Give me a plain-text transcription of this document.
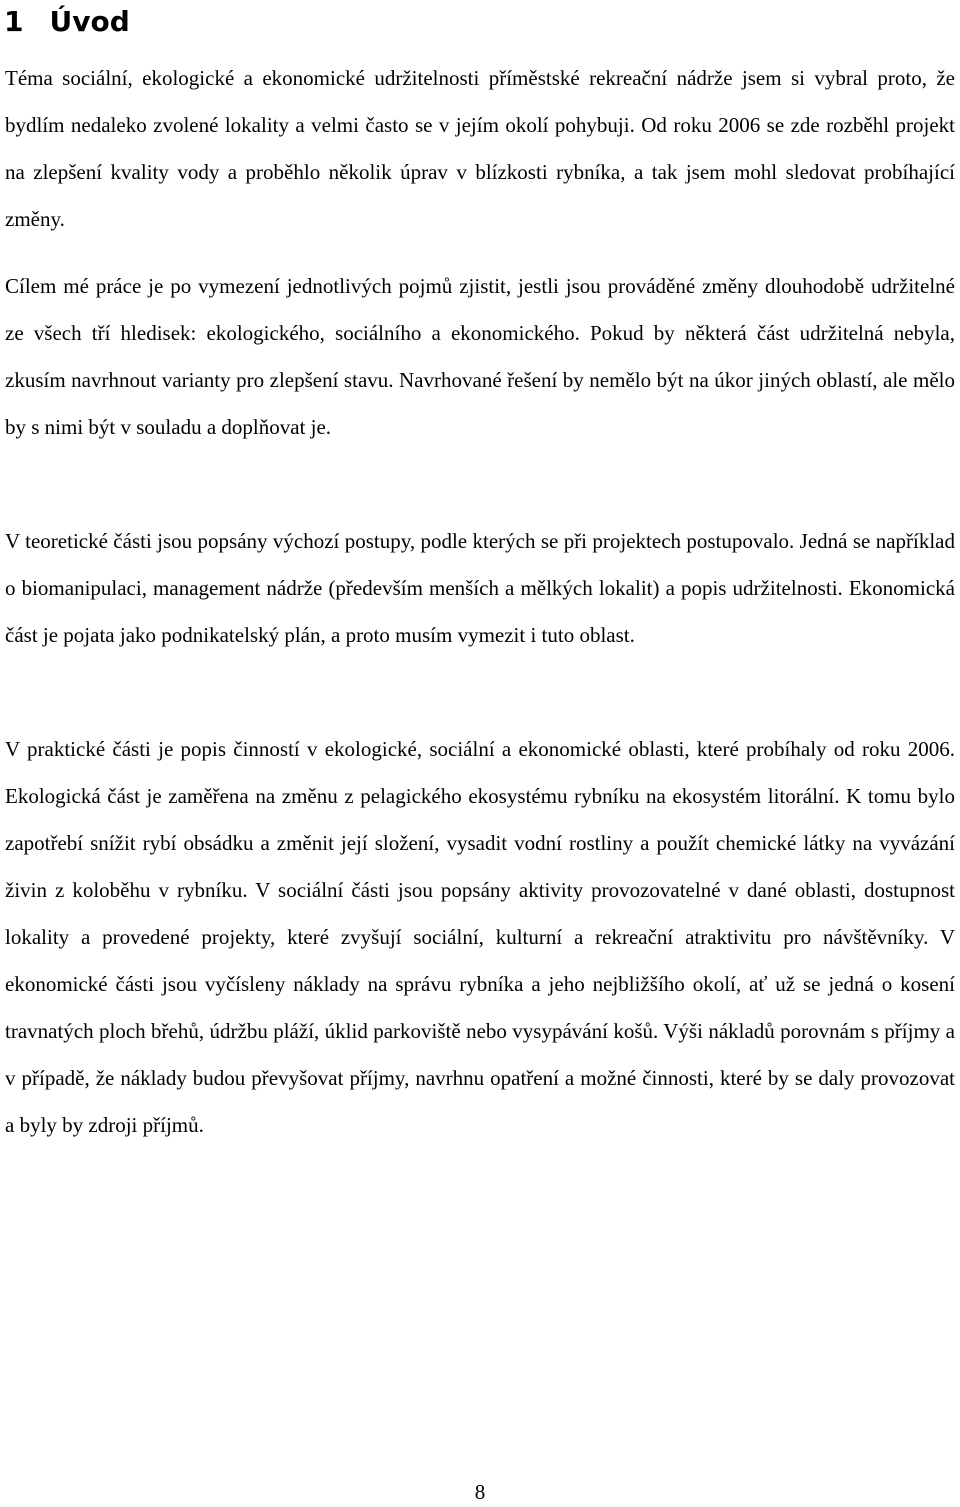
1 Úvod

Téma sociální, ekologické a ekonomické udržitelnosti příměstské rekreační nádrže jsem si vybral proto, že bydlím nedaleko zvolené lokality a velmi často se v jejím okolí pohybuji. Od roku 2006 se zde rozběhl projekt na zlepšení kvality vody a proběhlo několik úprav v blízkosti rybníka, a tak jsem mohl sledovat probíhající změny.

Cílem mé práce je po vymezení jednotlivých pojmů zjistit, jestli jsou prováděné změny dlouhodobě udržitelné ze všech tří hledisek: ekologického, sociálního a ekonomického. Pokud by některá část udržitelná nebyla, zkusím navrhnout varianty pro zlepšení stavu. Navrhované řešení by nemělo být na úkor jiných oblastí, ale mělo by s nimi být v souladu a doplňovat je.

V teoretické části jsou popsány výchozí postupy, podle kterých se při projektech postupovalo. Jedná se například o biomanipulaci, management nádrže (především menších a mělkých lokalit) a popis udržitelnosti. Ekonomická část je pojata jako podnikatelský plán, a proto musím vymezit i tuto oblast.

V praktické části je popis činností v ekologické, sociální a ekonomické oblasti, které probíhaly od roku 2006. Ekologická část je zaměřena na změnu z pelagického ekosystému rybníku na ekosystém litorální. K tomu bylo zapotřebí snížit rybí obsádku a změnit její složení, vysadit vodní rostliny a použít chemické látky na vyvázání živin z koloběhu v rybníku. V sociální části jsou popsány aktivity provozovatelné v dané oblasti, dostupnost lokality a provedené projekty, které zvyšují sociální, kulturní a rekreační atraktivitu pro návštěvníky. V ekonomické části jsou vyčísleny náklady na správu rybníka a jeho nejbližšího okolí, ať už se jedná o kosení travnatých ploch břehů, údržbu pláží, úklid parkoviště nebo vysypávání košů. Výši nákladů porovnám s příjmy a v případě, že náklady budou převyšovat příjmy, navrhnu opatření a možné činnosti, které by se daly provozovat a byly by zdroji příjmů.

8
